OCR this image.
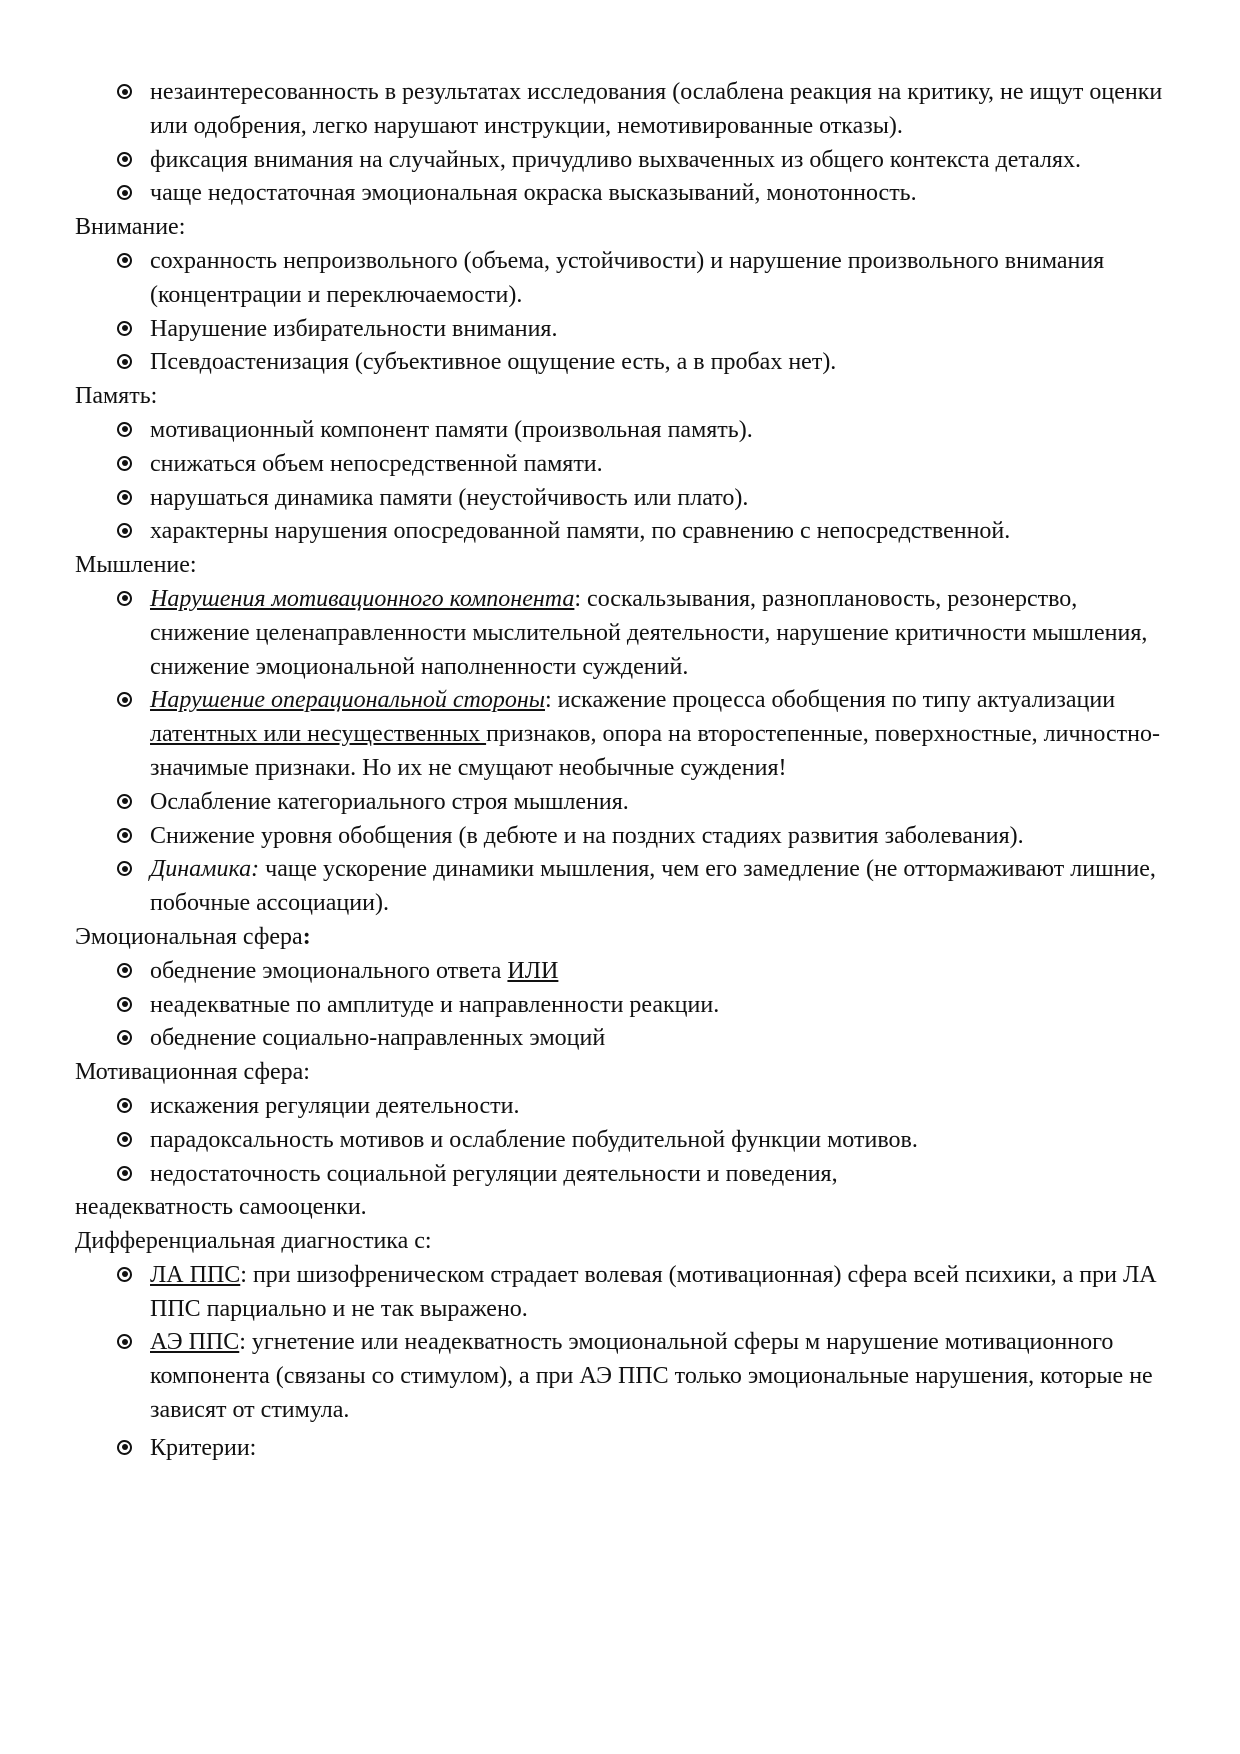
незаинтересованность в результатах исследования (ослаблена реакция на критику, не ищут оценки или одобрения, легко нарушают инструкции, немотивированные отказы).
фиксация внимания на случайных, причудливо выхваченных из общего контекста деталях.
чаще недостаточная эмоциональная окраска высказываний, монотонность.

Внимание:

сохранность непроизвольного (объема, устойчивости) и нарушение произвольного внимания (концентрации и переключаемости).
Нарушение избирательности внимания.
Псевдоастенизация (субъективное ощущение есть, а в пробах нет).

Память:

мотивационный компонент памяти (произвольная память).
снижаться объем непосредственной памяти.
нарушаться динамика памяти (неустойчивость или плато).
характерны нарушения опосредованной памяти, по сравнению с непосредственной.

Мышление:

Нарушения мотивационного компонента: соскальзывания, разноплановость, резонерство, снижение целенаправленности мыслительной деятельности, нарушение критичности мышления, снижение эмоциональной наполненности суждений.
Нарушение операциональной стороны: искажение процесса обобщения по типу актуализации латентных или несущественных признаков, опора на второстепенные, поверхностные, личностно-значимые признаки. Но их не смущают необычные суждения!
Ослабление категориального строя мышления.
Снижение уровня обобщения (в дебюте и на поздних стадиях развития заболевания).
Динамика: чаще ускорение динамики мышления, чем его замедление (не оттормаживают лишние, побочные ассоциации).

Эмоциональная сфера:

обеднение эмоционального ответа ИЛИ
неадекватные по амплитуде и направленности реакции.
обеднение социально-направленных эмоций

Мотивационная сфера:

искажения регуляции деятельности.
парадоксальность мотивов и ослабление побудительной функции мотивов.
недостаточность социальной регуляции деятельности и поведения,
неадекватность самооценки.

Дифференциальная диагностика с:

ЛА ППС: при шизофреническом страдает волевая (мотивационная) сфера всей психики, а при ЛА ППС парциально и не так выражено.
АЭ ППС: угнетение или неадекватность эмоциональной сферы м нарушение мотивационного компонента (связаны со стимулом), а при АЭ ППС только эмоциональные нарушения, которые не зависят от стимула.
Критерии:
